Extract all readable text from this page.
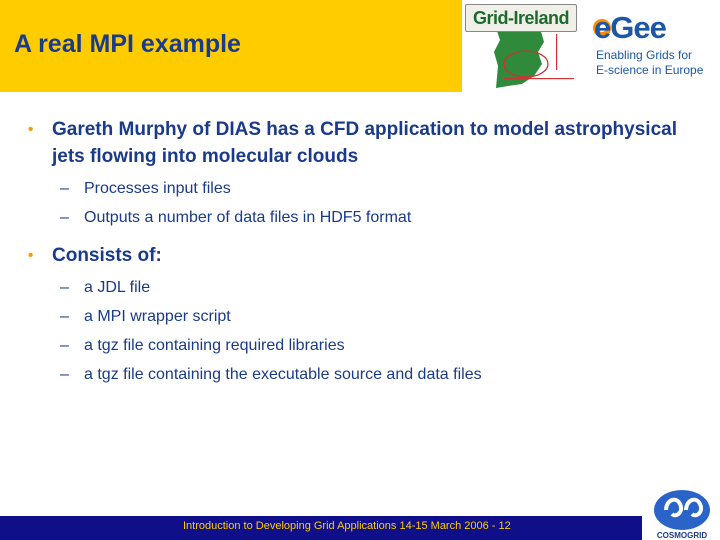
A real MPI example
Grid-Ireland eGee
Enabling Grids for
E-science in Europe
• Gareth Murphy of DIAS has a CFD application to model astrophysical jets flowing into molecular clouds
– Processes input files
– Outputs a number of data files in HDF5 format
• Consists of:
– a JDL file
– a MPI wrapper script
– a tgz file containing required libraries
– a tgz file containing the executable source and data files
Introduction to Developing Grid Applications 14-15 March 2006 - 12
COSMOGRID
